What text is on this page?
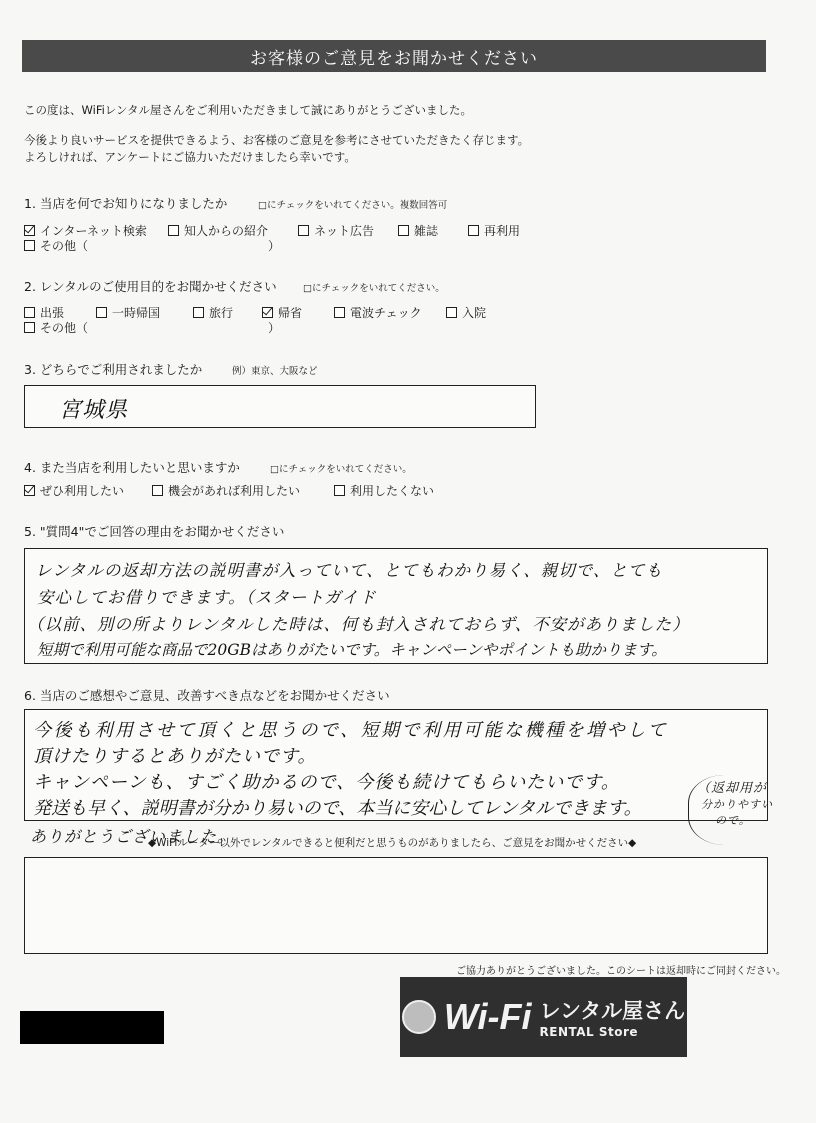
お客様のご意見をお聞かせください
この度は、WiFiレンタル屋さんをご利用いただきまして誠にありがとうございました。
今後より良いサービスを提供できるよう、お客様のご意見を参考にさせていただきたく存じます。
よろしければ、アンケートにご協力いただけましたら幸いです。
1. 当店を何でお知りになりましたか	□にチェックをいれてください。複数回答可
インターネット検索	知人からの紹介	ネット広告	雑誌	再利用
その他（　　　　　　　　　　　　　　　）
2. レンタルのご使用目的をお聞かせください	□にチェックをいれてください。
出張	一時帰国	旅行	帰省	電波チェック	入院
その他（　　　　　　　　　　　　　　　）
3. どちらでご利用されましたか	例）東京、大阪など
宮城県
4. また当店を利用したいと思いますか	□にチェックをいれてください。
ぜひ利用したい	機会があれば利用したい	利用したくない
5. "質問4"でご回答の理由をお聞かせください
レンタルの返却方法の説明書が入っていて、とてもわかり易く、親切で、とても
安心してお借りできます。（スタートガイド
（以前、別の所よりレンタルした時は、何も封入されておらず、不安がありました）
短期で利用可能な商品で20GBはありがたいです。キャンペーンやポイントも助かります。
6. 当店のご感想やご意見、改善すべき点などをお聞かせください
今後も利用させて頂くと思うので、短期で利用可能な機種を増やして
頂けたりするとありがたいです。
キャンペーンも、すごく助かるので、今後も続けてもらいたいです。
発送も早く、説明書が分かり易いので、本当に安心してレンタルできます。
（返却用が
分かりやすい
ので。
ありがとうございました。
◆WiFiルーター以外でレンタルできると便利だと思うものがありましたら、ご意見をお聞かせください◆
ご協力ありがとうございました。このシートは返却時にご同封ください。
Wi-Fi レンタル屋さん
RENTAL Store
